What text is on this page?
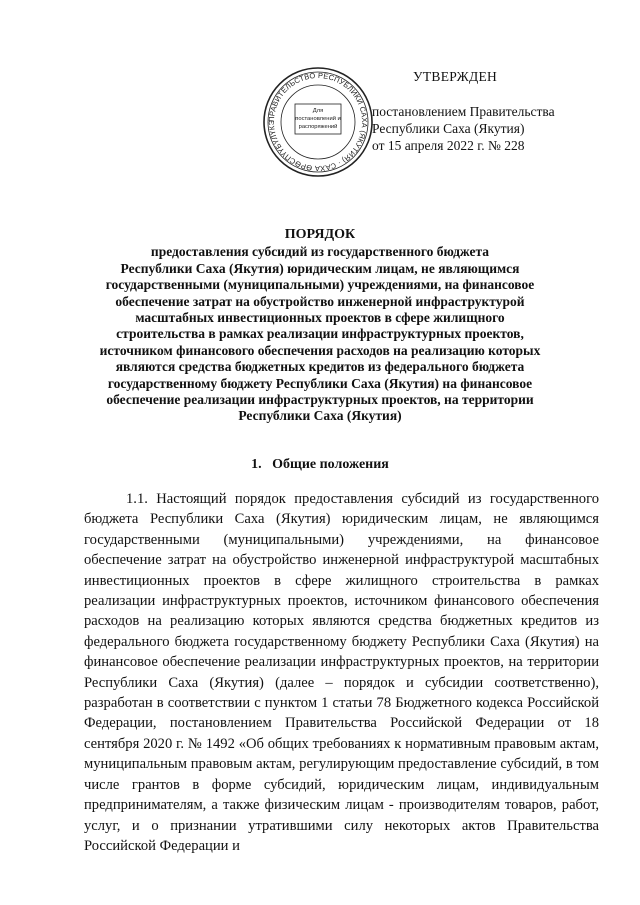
ПРАВИТЕЛЬСТВО РЕСПУБЛИКИ САХА (ЯКУТИЯ) · САХА ӨРӨСПҮҮБҮЛҮКЭ
Для
постановлений и
распоряжений
УТВЕРЖДЕН
постановлением Правительства
Республики Саха (Якутия)
от 15 апреля 2022 г. № 228
ПОРЯДОК
предоставления субсидий из государственного бюджета
Республики Саха (Якутия) юридическим лицам, не являющимся
государственными (муниципальными) учреждениями, на финансовое
обеспечение затрат на обустройство инженерной инфраструктурой
масштабных инвестиционных проектов в сфере жилищного
строительства в рамках реализации инфраструктурных проектов,
источником финансового обеспечения расходов на реализацию которых
являются средства бюджетных кредитов из федерального бюджета
государственному бюджету Республики Саха (Якутия) на финансовое
обеспечение реализации инфраструктурных проектов, на территории
Республики Саха (Якутия)
1. Общие положения

1.1. Настоящий порядок предоставления субсидий из государственного бюджета Республики Саха (Якутия) юридическим лицам, не являющимся государственными (муниципальными) учреждениями, на финансовое обеспечение затрат на обустройство инженерной инфраструктурой масштабных инвестиционных проектов в сфере жилищного строительства в рамках реализации инфраструктурных проектов, источником финансового обеспечения расходов на реализацию которых являются средства бюджетных кредитов из федерального бюджета государственному бюджету Республики Саха (Якутия) на финансовое обеспечение реализации инфраструктурных проектов, на территории Республики Саха (Якутия) (далее – порядок и субсидии соответственно), разработан в соответствии с пунктом 1 статьи 78 Бюджетного кодекса Российской Федерации, постановлением Правительства Российской Федерации от 18 сентября 2020 г. № 1492 «Об общих требованиях к нормативным правовым актам, муниципальным правовым актам, регулирующим предоставление субсидий, в том числе грантов в форме субсидий, юридическим лицам, индивидуальным предпринимателям, а также физическим лицам - производителям товаров, работ, услуг, и о признании утратившими силу некоторых актов Правительства Российской Федерации и
